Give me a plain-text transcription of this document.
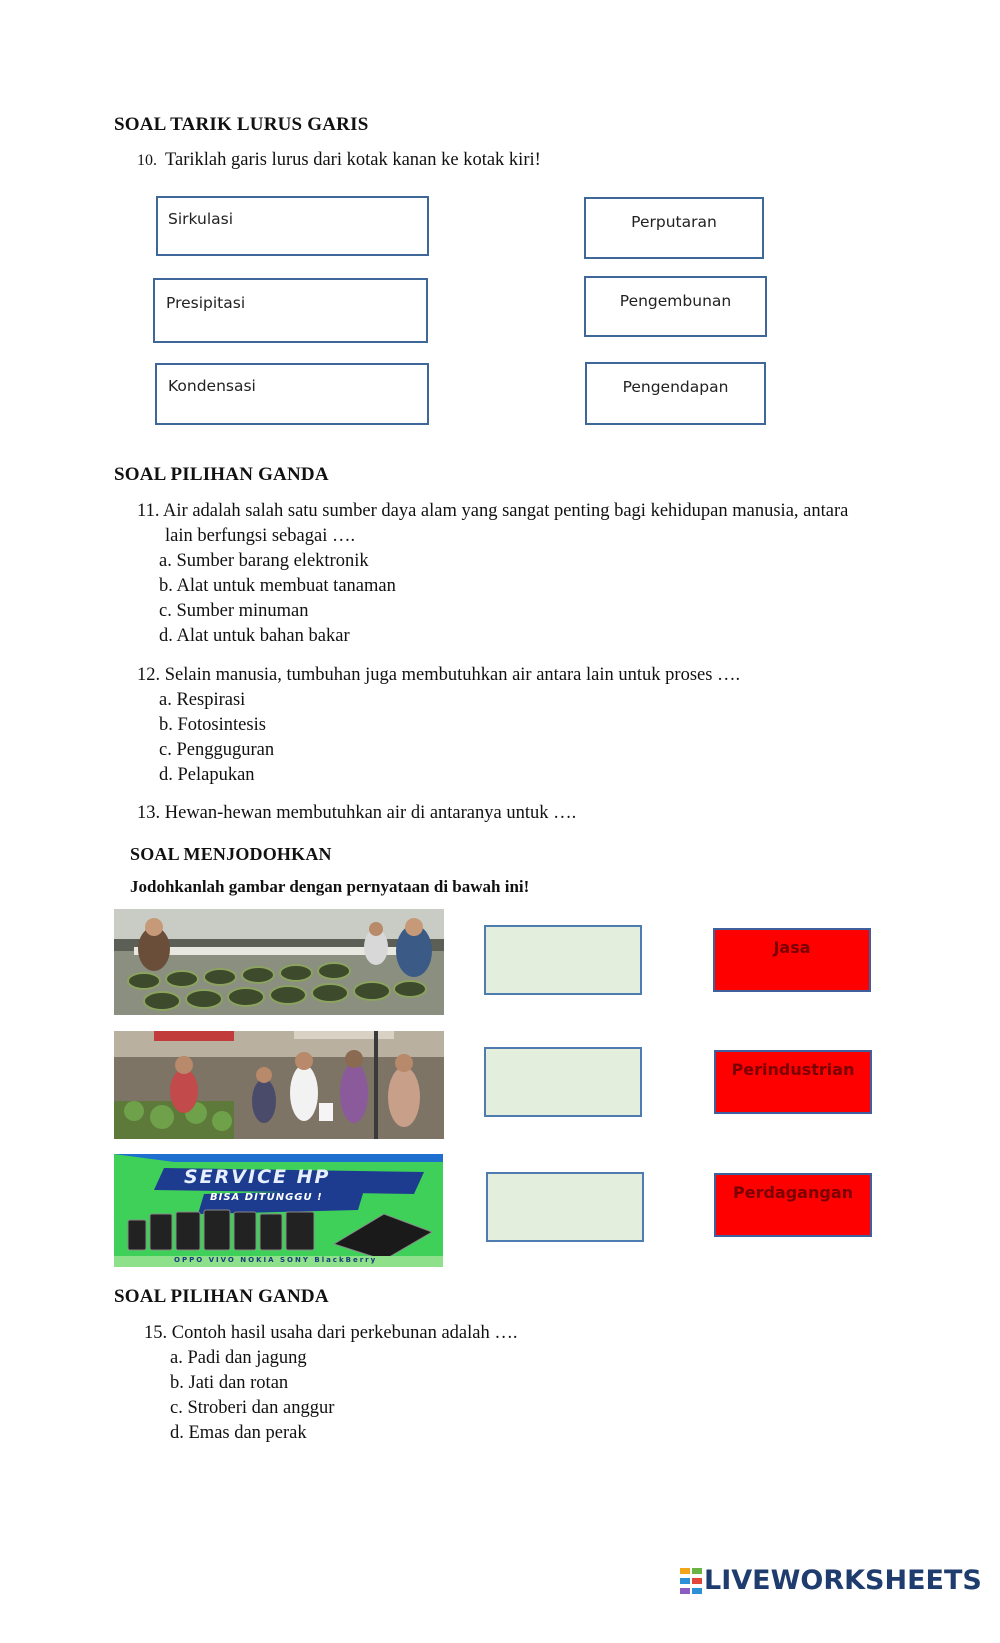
SOAL TARIK LURUS GARIS
10. Tariklah garis lurus dari kotak kanan ke kotak kiri!
Sirkulasi
Presipitasi
Kondensasi
Perputaran
Pengembunan
Pengendapan
SOAL PILIHAN GANDA
11. Air adalah salah satu sumber daya alam yang sangat penting bagi kehidupan manusia, antara
lain berfungsi sebagai ….
a. Sumber barang elektronik
b. Alat untuk membuat tanaman
c. Sumber minuman
d. Alat untuk bahan bakar
12. Selain manusia, tumbuhan juga membutuhkan air antara lain untuk proses ….
a. Respirasi
b. Fotosintesis
c. Pengguguran
d. Pelapukan
13. Hewan-hewan membutuhkan air di antaranya untuk ….
SOAL MENJODOHKAN
Jodohkanlah gambar dengan pernyataan di bawah ini!
SERVICE HP
BISA DITUNGGU !
OPPO VIVO NOKIA SONY BlackBerry
Jasa
Perindustrian
Perdagangan
SOAL PILIHAN GANDA
15. Contoh hasil usaha dari perkebunan adalah ….
a. Padi dan jagung
b. Jati dan rotan
c. Stroberi dan anggur
d. Emas dan perak
LIVEWORKSHEETS
